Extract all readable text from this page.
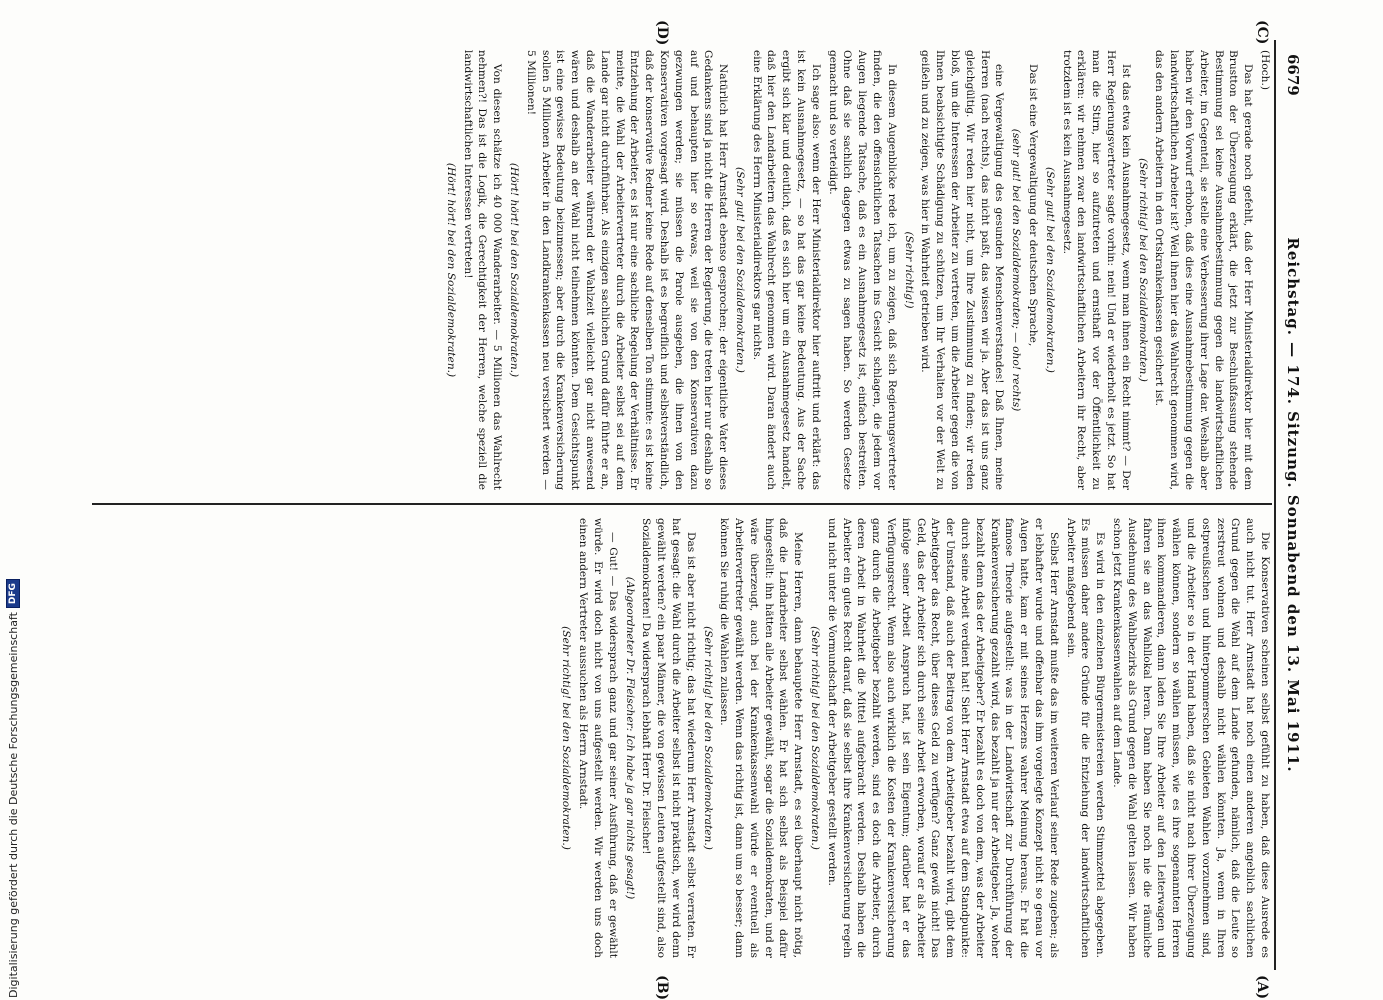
6679
Reichstag. — 174. Sitzung. Sonnabend den 13. Mai 1911.

(Hoch.)

Das hat gerade noch gefehlt, daß der Herr Ministerialdirektor hier mit dem Brustton der Überzeugung erklärt, die jetzt zur Beschlußfassung stehende Bestimmung sei keine Ausnahmebestimmung gegen die landwirtschaftlichen Arbeiter, im Gegenteil, sie stelle eine Verbesserung ihrer Lage dar. Weshalb aber haben wir den Vorwurf erhoben, daß dies eine Ausnahmebestimmung gegen die landwirtschaftlichen Arbeiter ist? Weil ihnen hier das Wahlrecht genommen wird, das den andern Arbeitern in den Ortskrankenkassen gesichert ist.

(Sehr richtig! bei den Sozialdemokraten.)

Ist das etwa kein Ausnahmegesetz, wenn man ihnen ein Recht nimmt? — Der Herr Regierungsvertreter sagte vorhin: nein! Und er wiederholt es jetzt. So hat man die Stirn, hier so aufzutreten und ernsthaft vor der Öffentlichkeit zu erklären: wir nehmen zwar den landwirtschaftlichen Arbeitern ihr Recht, aber trotzdem ist es kein Ausnahmegesetz.

(Sehr gut! bei den Sozialdemokraten.)

Das ist eine Vergewaltigung der deutschen Sprache,

(sehr gut! bei den Sozialdemokraten; — oho! rechts)

eine Vergewaltigung des gesunden Menschenverstandes! Daß Ihnen, meine Herren (nach rechts), das nicht paßt, das wissen wir ja. Aber das ist uns ganz gleichgültig. Wir reden hier nicht, um Ihre Zustimmung zu finden; wir reden bloß, um die Interessen der Arbeiter zu vertreten, um die Arbeiter gegen die von Ihnen beabsichtigte Schädigung zu schützen, um Ihr Verhalten vor der Welt zu geißeln und zu zeigen, was hier in Wahrheit getrieben wird.

(Sehr richtig!)

In diesem Augenblicke rede ich, um zu zeigen, daß sich Regierungsvertreter finden, die den offensichtlichen Tatsachen ins Gesicht schlagen, die jedem vor Augen liegende Tatsache, daß es ein Ausnahmegesetz ist, einfach bestreiten. Ohne daß sie sachlich dagegen etwas zu sagen haben. So werden Gesetze gemacht und so verteidigt.

Ich sage also: wenn der Herr Ministerialdirektor hier auftritt und erklärt: das ist kein Ausnahmegesetz, — so hat das gar keine Bedeutung. Aus der Sache ergibt sich klar und deutlich, daß es sich hier um ein Ausnahmegesetz handelt, daß hier den Landarbeitern das Wahlrecht genommen wird. Daran ändert auch eine Erklärung des Herrn Ministerialdirektors gar nichts.

(Sehr gut! bei den Sozialdemokraten.)

Natürlich hat Herr Arnstadt ebenso gesprochen; der eigentliche Vater dieses Gedankens sind ja nicht die Herren der Regierung, die treten hier nur deshalb so auf und behaupten hier so etwas, weil sie von den Konservativen dazu gezwungen werden; sie müssen die Parole ausgeben, die ihnen von den Konservativen vorgesagt wird. Deshalb ist es begreiflich und selbstverständlich, daß der konservative Redner keine Rede auf denselben Ton stimmte: es ist keine Entziehung der Arbeiter, es ist nur eine sachliche Regelung der Verhältnisse. Er meinte, die Wahl der Arbeitervertreter durch die Arbeiter selbst sei auf dem Lande gar nicht durchführbar. Als einzigen sachlichen Grund dafür führte er an, daß die Wanderarbeiter während der Wahlzeit vielleicht gar nicht anwesend wären und deshalb an der Wahl nicht teilnehmen könnten. Dem Gesichtspunkt ist eine gewisse Bedeutung beizumessen; aber durch die Krankenversicherung sollen 5 Millionen Arbeiter in den Landkrankenkassen neu versichert werden — 5 Millionen!

(Hört! hört! bei den Sozialdemokraten.)

Von diesen schätze ich 40 000 Wanderarbeiter. — 5 Millionen das Wahlrecht nehmen?! Das ist die Logik, die Gerechtigkeit der Herren, welche speziell die landwirtschaftlichen Interessen vertreten!

(Hört! hört! bei den Sozialdemokraten.)

Die Konservativen scheinen selbst gefühlt zu haben, daß diese Ausrede es auch nicht tut. Herr Arnstadt hat noch einen anderen angeblich sachlichen Grund gegen die Wahl auf dem Lande gefunden, nämlich, daß die Leute so zerstreut wohnen und deshalb nicht wählen könnten. Ja, wenn in Ihren ostpreußischen und hinterpommerschen Gebieten Wahlen vorzunehmen sind, und die Arbeiter so in der Hand haben, daß sie nicht nach ihrer Überzeugung wählen können, sondern so wählen müssen, wie es ihre sogenannten Herren ihnen kommandieren, dann laden Sie Ihre Arbeiter auf den Leiterwagen und fahren sie an das Wahllokal heran. Dann haben Sie noch nie die räumliche Ausdehnung des Wahlbezirks als Grund gegen die Wahl gelten lassen. Wir haben schon jetzt Krankenkassenwahlen auf dem Lande.

Es wird in den einzelnen Bürgermeistereien werden Stimmzettel abgegeben. Es müssen daher andere Gründe für die Entziehung der landwirtschaftlichen Arbeiter maßgebend sein.

Selbst Herr Arnstadt mußte das im weiteren Verlauf seiner Rede zugeben; als er lebhafter wurde und offenbar das ihm vorgelegte Konzept nicht so genau vor Augen hatte, kam er mit seines Herzens wahrer Meinung heraus. Er hat die famose Theorie aufgestellt: was in der Landwirtschaft zur Durchführung der Krankenversicherung gezahlt wird, das bezahlt ja nur der Arbeitgeber. Ja, woher bezahlt denn das der Arbeitgeber? Er bezahlt es doch von dem, was der Arbeiter durch seine Arbeit verdient hat! Sieht Herr Arnstadt etwa auf dem Standpunkte: der Umstand, daß auch der Beitrag von dem Arbeitgeber bezahlt wird, gibt dem Arbeitgeber das Recht, über dieses Geld zu verfügen? Ganz gewiß nicht! Das Geld, das der Arbeiter sich durch seine Arbeit erworben, worauf er als Arbeiter infolge seiner Arbeit Anspruch hat, ist sein Eigentum; darüber hat er das Verfügungsrecht. Wenn also auch wirklich die Kosten der Krankenversicherung ganz durch die Arbeitgeber bezahlt werden, sind es doch die Arbeiter, durch deren Arbeit in Wahrheit die Mittel aufgebracht werden. Deshalb haben die Arbeiter ein gutes Recht darauf, daß sie selbst ihre Krankenversicherung regeln und nicht unter die Vormundschaft der Arbeitgeber gestellt werden.

(Sehr richtig! bei den Sozialdemokraten.)

Meine Herren, dann behauptete Herr Arnstadt, es sei überhaupt nicht nötig, daß die Landarbeiter selbst wählen. Er hat sich selbst als Beispiel dafür hingestellt: ihn hätten alle Arbeiter gewählt, sogar die Sozialdemokraten, und er wäre überzeugt, auch bei der Krankenkassenwahl würde er eventuell als Arbeitervertreter gewählt werden. Wenn das richtig ist, dann um so besser; dann können Sie ruhig die Wahlen zulassen.

(Sehr richtig! bei den Sozialdemokraten.)

Das ist aber nicht richtig; das hat wiederum Herr Arnstadt selbst verraten. Er hat gesagt: die Wahl durch die Arbeiter selbst ist nicht praktisch, wer wird denn gewählt werden? ein paar Männer, die von gewissen Leuten aufgestellt sind, also Sozialdemokraten! Da widersprach lebhaft Herr Dr. Fleischer!

(Abgeordneter Dr. Fleischer: Ich habe ja gar nichts gesagt!)

— Gut! — Das widersprach ganz und gar seiner Ausführung, daß er gewählt würde. Er wird doch nicht von uns aufgestellt werden. Wir werden uns doch einen andern Vertreter aussuchen als Herrn Arnstadt.

(Sehr richtig! bei den Sozialdemokraten.)

(C)
(D)
(A)
(B)
Digitalisierung gefördert durch die Deutsche Forschungsgemeinschaft
DFG
